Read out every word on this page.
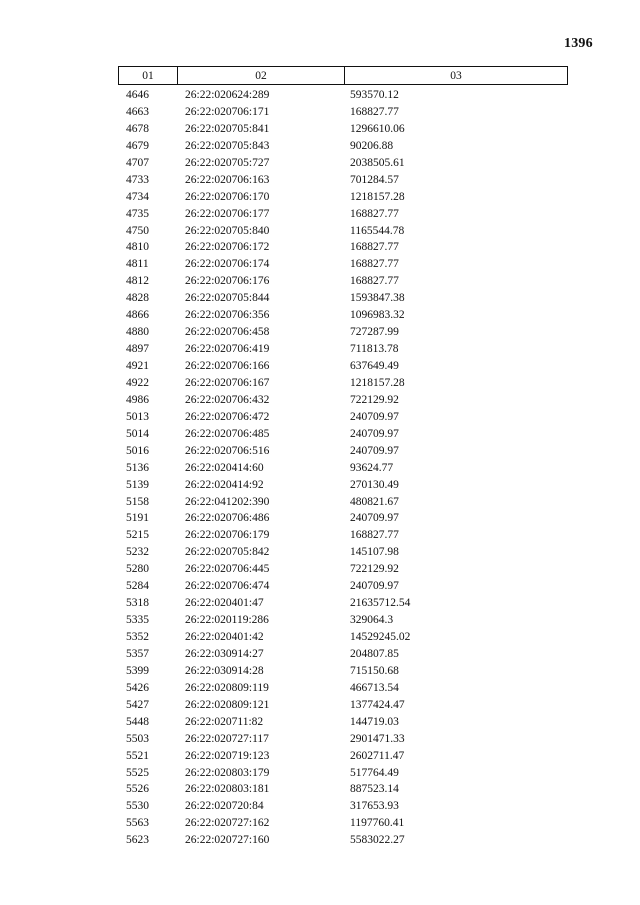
1396
01	02	03
4646	26:22:020624:289	593570.12
4663	26:22:020706:171	168827.77
4678	26:22:020705:841	1296610.06
4679	26:22:020705:843	90206.88
4707	26:22:020705:727	2038505.61
4733	26:22:020706:163	701284.57
4734	26:22:020706:170	1218157.28
4735	26:22:020706:177	168827.77
4750	26:22:020705:840	1165544.78
4810	26:22:020706:172	168827.77
4811	26:22:020706:174	168827.77
4812	26:22:020706:176	168827.77
4828	26:22:020705:844	1593847.38
4866	26:22:020706:356	1096983.32
4880	26:22:020706:458	727287.99
4897	26:22:020706:419	711813.78
4921	26:22:020706:166	637649.49
4922	26:22:020706:167	1218157.28
4986	26:22:020706:432	722129.92
5013	26:22:020706:472	240709.97
5014	26:22:020706:485	240709.97
5016	26:22:020706:516	240709.97
5136	26:22:020414:60	93624.77
5139	26:22:020414:92	270130.49
5158	26:22:041202:390	480821.67
5191	26:22:020706:486	240709.97
5215	26:22:020706:179	168827.77
5232	26:22:020705:842	145107.98
5280	26:22:020706:445	722129.92
5284	26:22:020706:474	240709.97
5318	26:22:020401:47	21635712.54
5335	26:22:020119:286	329064.3
5352	26:22:020401:42	14529245.02
5357	26:22:030914:27	204807.85
5399	26:22:030914:28	715150.68
5426	26:22:020809:119	466713.54
5427	26:22:020809:121	1377424.47
5448	26:22:020711:82	144719.03
5503	26:22:020727:117	2901471.33
5521	26:22:020719:123	2602711.47
5525	26:22:020803:179	517764.49
5526	26:22:020803:181	887523.14
5530	26:22:020720:84	317653.93
5563	26:22:020727:162	1197760.41
5623	26:22:020727:160	5583022.27
